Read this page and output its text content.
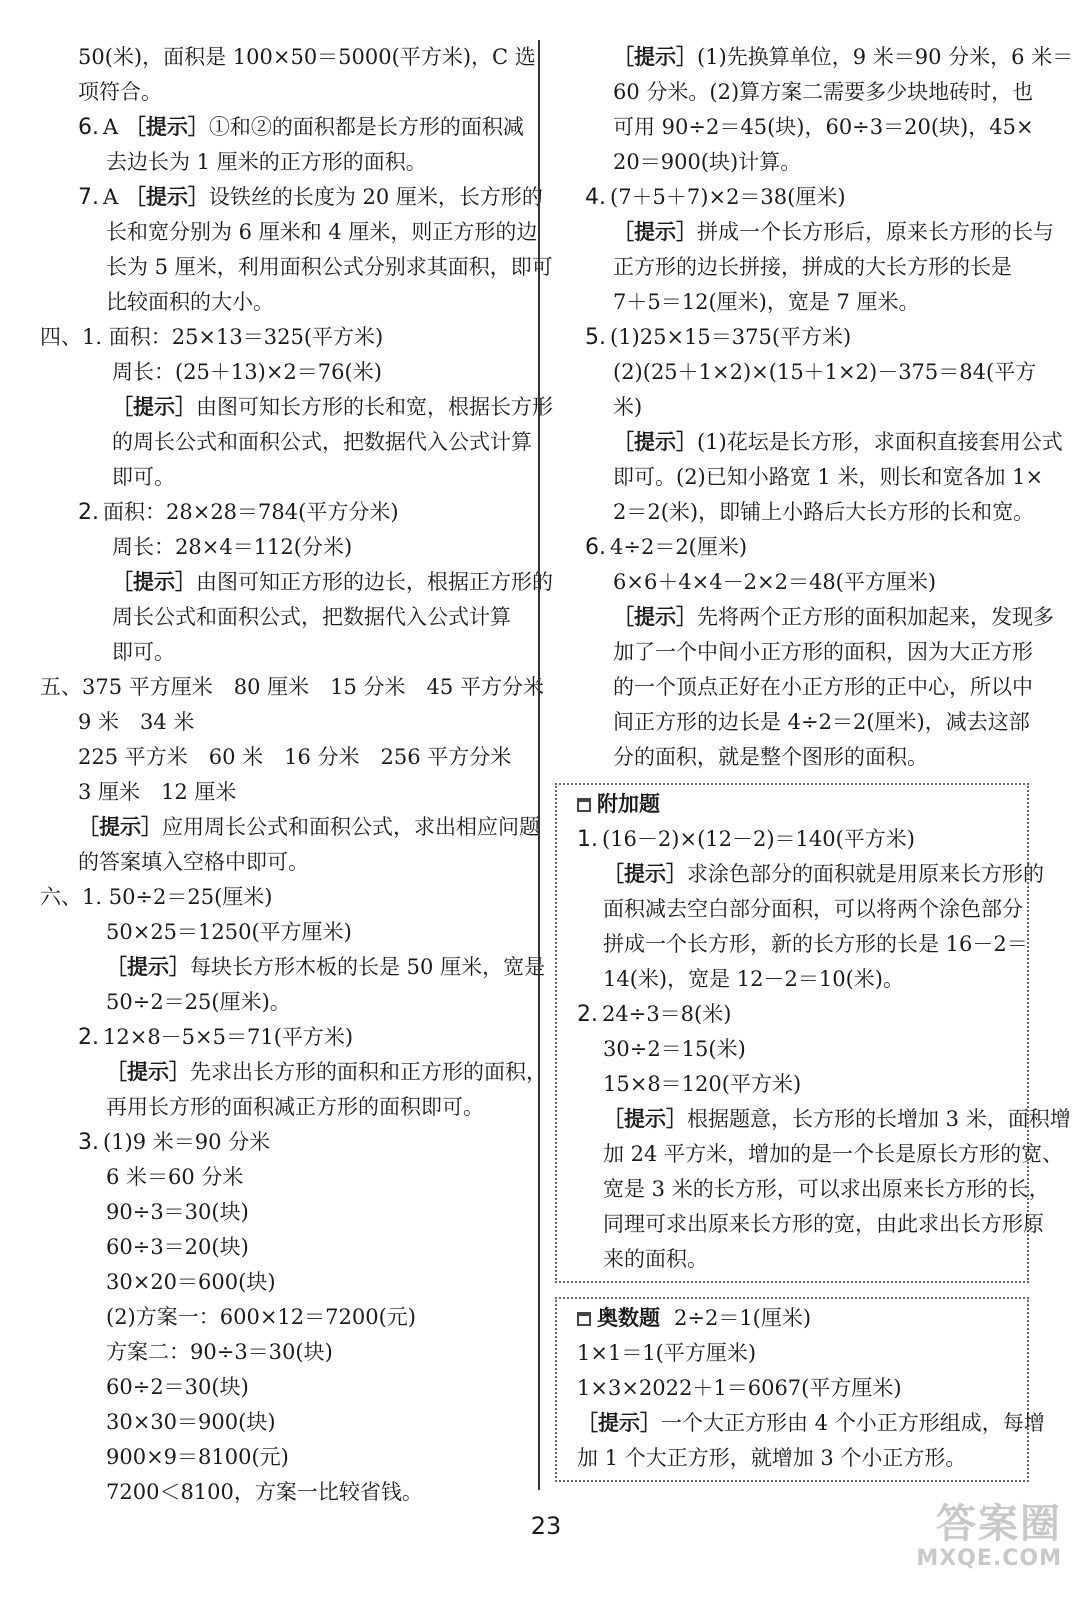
50(米)，面积是 100×50＝5000(平方米)，C 选
项符合。
6. A ［提示］①和②的面积都是长方形的面积减
去边长为 1 厘米的正方形的面积。
7. A ［提示］设铁丝的长度为 20 厘米，长方形的
长和宽分别为 6 厘米和 4 厘米，则正方形的边
长为 5 厘米，利用面积公式分别求其面积，即可
比较面积的大小。
四、1. 面积：25×13＝325(平方米)
周长：(25＋13)×2＝76(米)
［提示］由图可知长方形的长和宽，根据长方形
的周长公式和面积公式，把数据代入公式计算
即可。
2. 面积：28×28＝784(平方分米)
周长：28×4＝112(分米)
［提示］由图可知正方形的边长，根据正方形的
周长公式和面积公式，把数据代入公式计算
即可。
五、375 平方厘米　80 厘米　15 分米　45 平方分米
9 米　34 米
225 平方米　60 米　16 分米　256 平方分米
3 厘米　12 厘米
［提示］应用周长公式和面积公式，求出相应问题
的答案填入空格中即可。
六、1. 50÷2＝25(厘米)
50×25＝1250(平方厘米)
［提示］每块长方形木板的长是 50 厘米，宽是
50÷2＝25(厘米)。
2. 12×8－5×5＝71(平方米)
［提示］先求出长方形的面积和正方形的面积，
再用长方形的面积减正方形的面积即可。
3. (1)9 米＝90 分米
6 米＝60 分米
90÷3＝30(块)
60÷3＝20(块)
30×20＝600(块)
(2)方案一：600×12＝7200(元)
方案二：90÷3＝30(块)
60÷2＝30(块)
30×30＝900(块)
900×9＝8100(元)
7200＜8100，方案一比较省钱。
［提示］(1)先换算单位，9 米＝90 分米，6 米＝
60 分米。(2)算方案二需要多少块地砖时，也
可用 90÷2＝45(块)，60÷3＝20(块)，45×
20＝900(块)计算。
4. (7＋5＋7)×2＝38(厘米)
［提示］拼成一个长方形后，原来长方形的长与
正方形的边长拼接，拼成的大长方形的长是
7＋5＝12(厘米)，宽是 7 厘米。
5. (1)25×15＝375(平方米)
(2)(25＋1×2)×(15＋1×2)－375＝84(平方
米)
［提示］(1)花坛是长方形，求面积直接套用公式
即可。(2)已知小路宽 1 米，则长和宽各加 1×
2＝2(米)，即铺上小路后大长方形的长和宽。
6. 4÷2＝2(厘米)
6×6＋4×4－2×2＝48(平方厘米)
［提示］先将两个正方形的面积加起来，发现多
加了一个中间小正方形的面积，因为大正方形
的一个顶点正好在小正方形的正中心，所以中
间正方形的边长是 4÷2＝2(厘米)，减去这部
分的面积，就是整个图形的面积。
附加题
1. (16－2)×(12－2)＝140(平方米)
［提示］求涂色部分的面积就是用原来长方形的
面积减去空白部分面积，可以将两个涂色部分
拼成一个长方形，新的长方形的长是 16－2＝
14(米)，宽是 12－2＝10(米)。
2. 24÷3＝8(米)
30÷2＝15(米)
15×8＝120(平方米)
［提示］根据题意，长方形的长增加 3 米，面积增
加 24 平方米，增加的是一个长是原长方形的宽、
宽是 3 米的长方形，可以求出原来长方形的长，
同理可求出原来长方形的宽，由此求出长方形原
来的面积。
奥数题 2÷2＝1(厘米)
1×1＝1(平方厘米)
1×3×2022＋1＝6067(平方厘米)
［提示］一个大正方形由 4 个小正方形组成，每增
加 1 个大正方形，就增加 3 个小正方形。
23	答案圈
MXQE.COM
